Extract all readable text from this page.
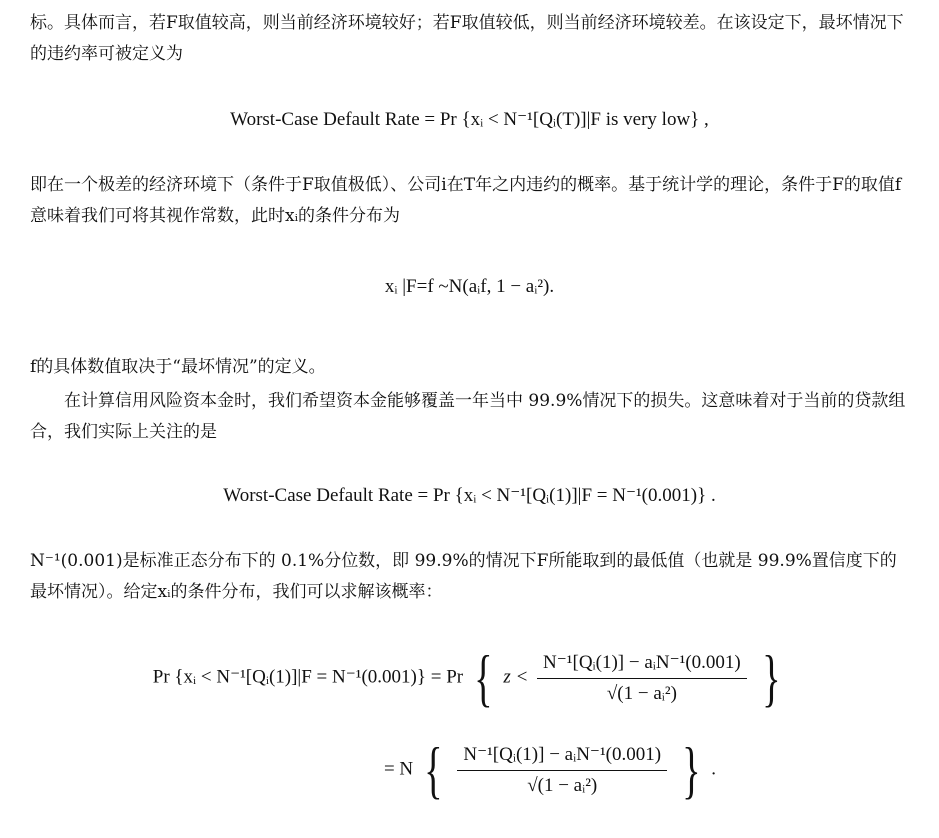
标。具体而言，若F取值较高，则当前经济环境较好；若F取值较低，则当前经济环境较差。在该设定下，最坏情况下的违约率可被定义为
Worst-Case Default Rate = Pr {xᵢ < N⁻¹[Qᵢ(T)]|F is very low} ,
即在一个极差的经济环境下（条件于F取值极低）、公司i在T年之内违约的概率。基于统计学的理论，条件于F的取值f意味着我们可将其视作常数，此时xᵢ的条件分布为
xᵢ |F=f ~N(aᵢf, 1 − aᵢ²).
f的具体数值取决于“最坏情况”的定义。
在计算信用风险资本金时，我们希望资本金能够覆盖一年当中 99.9%情况下的损失。这意味着对于当前的贷款组合，我们实际上关注的是
Worst-Case Default Rate = Pr {xᵢ < N⁻¹[Qᵢ(1)]|F = N⁻¹(0.001)} .
N⁻¹(0.001)是标准正态分布下的 0.1%分位数，即 99.9%的情况下F所能取到的最低值（也就是 99.9%置信度下的最坏情况）。给定xᵢ的条件分布，我们可以求解该概率：
Pr {xᵢ < N⁻¹[Qᵢ(1)]|F = N⁻¹(0.001)} = Pr { $z < \frac{\text{N⁻¹[Qᵢ(1)] − aᵢN⁻¹(0.001)}}{\text{√(1 − aᵢ²)}}$ }
= N { $\frac{\text{N⁻¹[Qᵢ(1)] − aᵢN⁻¹(0.001)}}{\text{√(1 − aᵢ²)}}$ } .
